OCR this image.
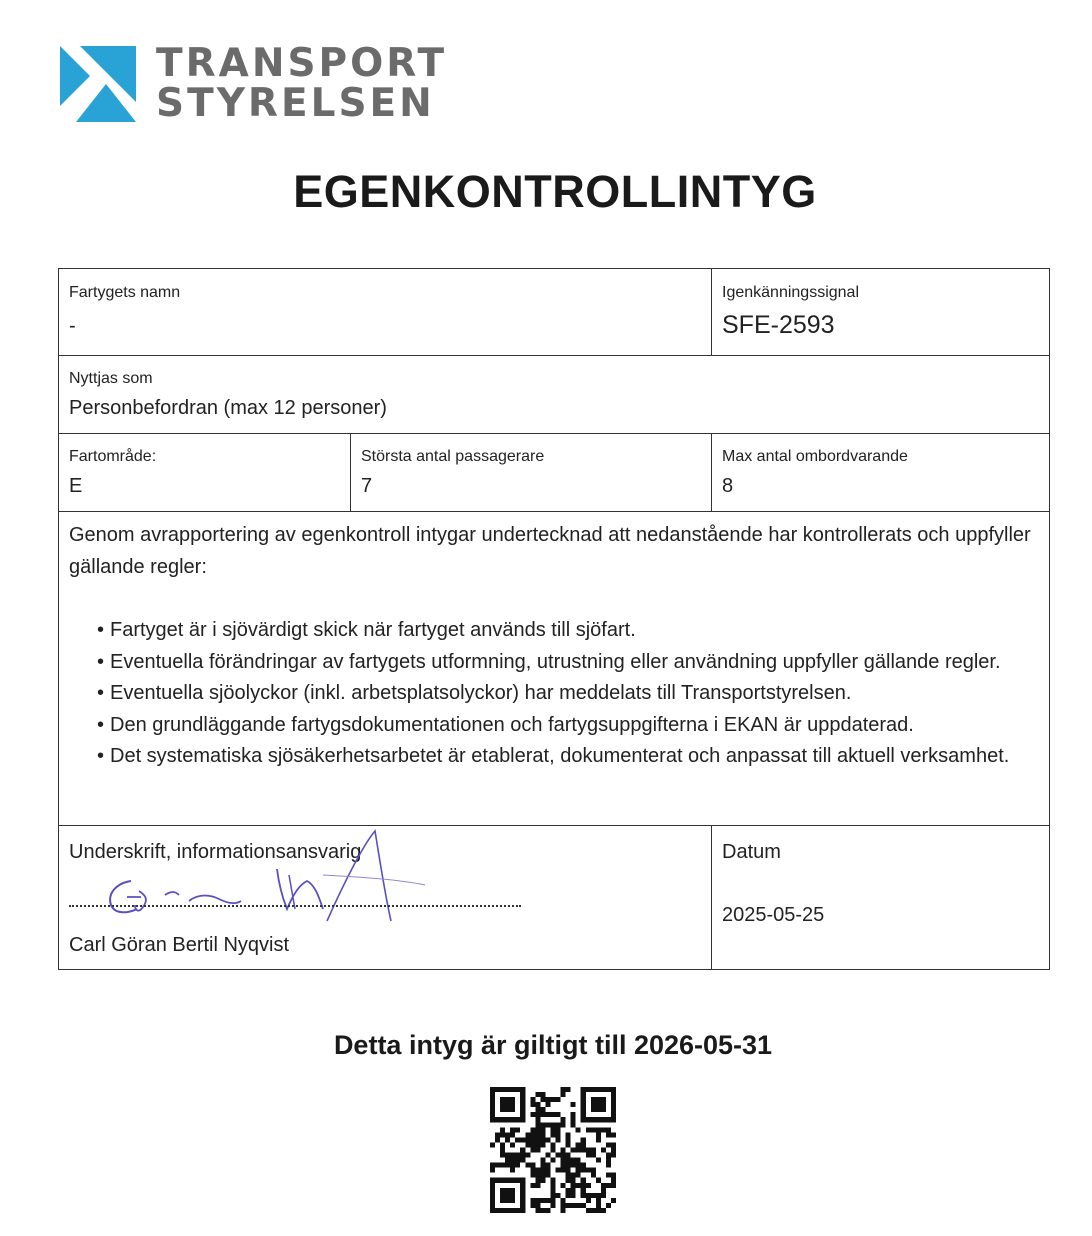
TRANSPORT
STYRELSEN
EGENKONTROLLINTYG
Fartygets namn
-
Igenkänningssignal
SFE-2593
Nyttjas som
Personbefordran (max 12 personer)
Fartområde:
E
Största antal passagerare
7
Max antal ombordvarande
8
Genom avrapportering av egenkontroll intygar undertecknad att nedanstående har kontrollerats och uppfyller gällande regler:
• Fartyget är i sjövärdigt skick när fartyget används till sjöfart.
• Eventuella förändringar av fartygets utformning, utrustning eller användning uppfyller gällande regler.
• Eventuella sjöolyckor (inkl. arbetsplatsolyckor) har meddelats till Transportstyrelsen.
• Den grundläggande fartygsdokumentationen och fartygsuppgifterna i EKAN är uppdaterad.
• Det systematiska sjösäkerhetsarbetet är etablerat, dokumenterat och anpassat till aktuell verksamhet.
Underskrift, informationsansvarig
Carl Göran Bertil Nyqvist
Datum
2025-05-25
Detta intyg är giltigt till 2026-05-31
